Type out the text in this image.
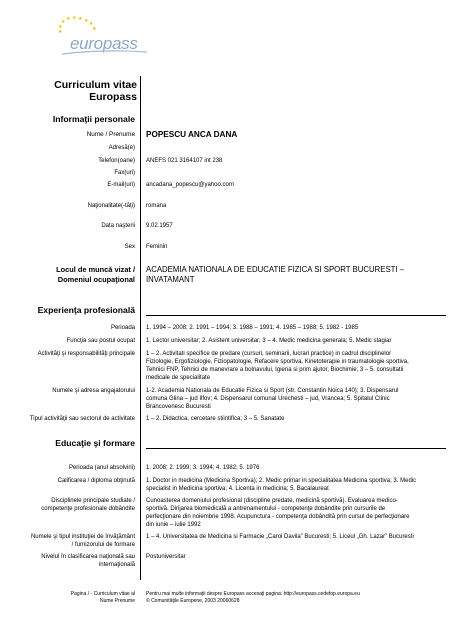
★ ★ ★ ★
★
★
★
★
★
europass
Curriculum vitae
Europass
Informaţii personale
Nume / Prenume POPESCU ANCA DANA
Adresă(e)
Telefon(oane) ANEFS 021 3164107 int 238
Fax(uri)
E-mail(uri) ancadana_popescu@yahoo.com
Naţionalitate(-tăţi) romana
Data naşterii 9.02.1957
Sex Feminin
Locul de muncă vizat /
Domeniul ocupaţional
ACADEMIA NATIONALA DE EDUCATIE FIZICA SI SPORT BUCURESTI –
INVATAMANT
Experienţa profesională
Perioada 1. 1994 – 2008; 2. 1991 – 1994; 3. 1988 – 1991; 4. 1985 – 1988; 5. 1982 - 1985
Funcţia sau postul ocupat 1. Lector universitar; 2. Asistent universitar; 3 – 4. Medic medicina generala; 5. Medic stagiar
Activităţi şi responsabilităţi principale 1 – 2. Activitati specifice de predare (cursuri, seminarii, lucrari practice) in cadrul disciplinelor
Fiziologie, Ergofiziologie, Fiziopatologie, Refacere sportiva, Kinetoterapie in traumatologie sportiva,
Tehnici FNP, Tehnici de manevrare a bolnavului, Igiena si prim ajutor, Biochimie; 3 – 5. consultatii
medicale de specialitate
Numele şi adresa angajatorului 1-2. Academia Nationala de Educatie Fizica si Sport (str. Constantin Noica 140); 3. Dispensarul
comuna Glina – jud Ilfov; 4. Dispensarul comunal Urechesti – jud, Vrancea; 5. Spitalul Clinic
Brancovenesc Bucuresti
Tipul activităţii sau sectorul de activitate 1 – 2. Didactica, cercetare stiintifica; 3 – 5. Sanatate
Educaţie şi formare
Perioada (anul absolvirii) 1. 2008; 2. 1999; 3. 1994; 4. 1982; 5. 1976
Calificarea / diploma obţinută 1. Doctor in medicina (Medicina Sportiva); 2. Medic primar in specialitatea Medicina sportiva; 3. Medic
specialist in Medicina sportiva; 4. Licenta in medicina; 5. Bacalaureat
Disciplinele principale studiate /
competenţe profesionale dobândite
Cunoasterea domeniului profesional (discipline predate, medicină sportivă). Evaluarea medico-
sportivă. Dirijarea biomedicală a antrenamentului - competenţe dobândite prin cursurile de
perfecţionare din noiembrie 1998. Acupunctura - competenţa dobândită prin cursul de perfecţionare
din iunie – iulie 1992
Numele şi tipul instituţiei de învăţământ
/ furnizorului de formare
1 – 4. Universitatea de Medicina si Farmacie „Carol Davila” Bucuresti; 5. Liceul „Gh. Lazar” Bucuresti
Nivelul în clasificarea naţională sau
internaţională
Postuniversitar
Pagina / - Curriculum vitae al
Nume Prenume
Pentru mai multe informaţii despre Europass accesaţi pagina: http://europass.cedefop.europa.eu
© Comunităţile Europene, 2003 20060628
